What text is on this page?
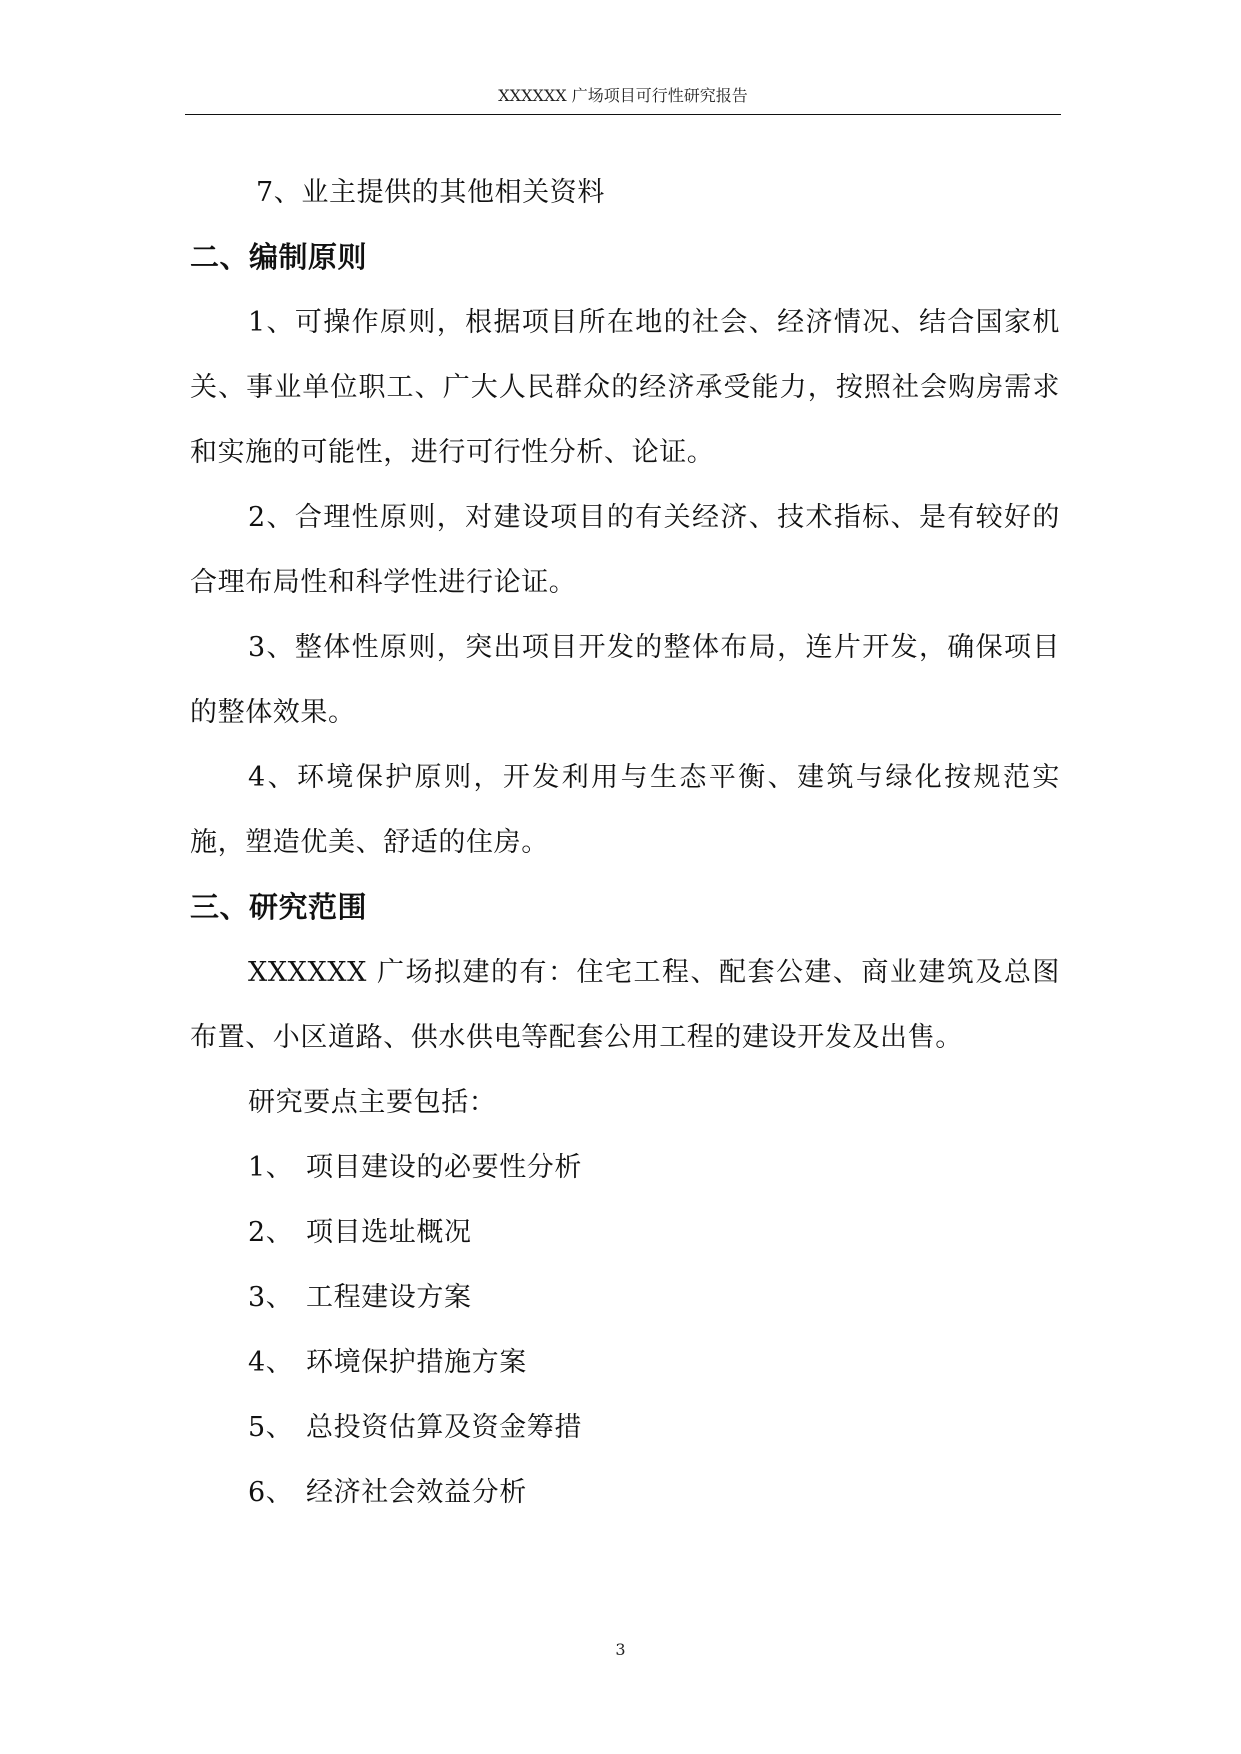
XXXXXX 广场项目可行性研究报告

7、业主提供的其他相关资料

二、编制原则

1、可操作原则，根据项目所在地的社会、经济情况、结合国家机关、事业单位职工、广大人民群众的经济承受能力，按照社会购房需求和实施的可能性，进行可行性分析、论证。

2、合理性原则，对建设项目的有关经济、技术指标、是有较好的合理布局性和科学性进行论证。

3、整体性原则，突出项目开发的整体布局，连片开发，确保项目的整体效果。

4、环境保护原则，开发利用与生态平衡、建筑与绿化按规范实施，塑造优美、舒适的住房。

三、研究范围

XXXXXX 广场拟建的有：住宅工程、配套公建、商业建筑及总图布置、小区道路、供水供电等配套公用工程的建设开发及出售。

研究要点主要包括：

1、 项目建设的必要性分析
2、 项目选址概况
3、 工程建设方案
4、 环境保护措施方案
5、 总投资估算及资金筹措
6、 经济社会效益分析
3
